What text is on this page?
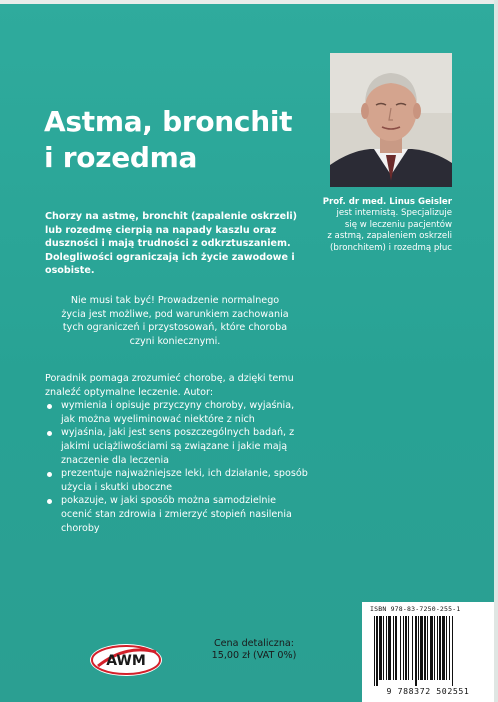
Astma, bronchit
i rozedma
Prof. dr med. Linus Geisler
jest internistą. Specjalizuje
się w leczeniu pacjentów
z astmą, zapaleniem oskrzeli
(bronchitem) i rozedmą płuc
Chorzy na astmę, bronchit (zapalenie oskrzeli) lub rozedmę cierpią na napady kaszlu oraz duszności i mają trudności z odkrztuszaniem. Dolegliwości ograniczają ich życie zawodowe i osobiste.
Nie musi tak być! Prowadzenie normalnego
życia jest możliwe, pod warunkiem zachowania
tych ograniczeń i przystosowań, które choroba
czyni koniecznymi.
Poradnik pomaga zrozumieć chorobę, a dzięki temu znaleźć optymalne leczenie. Autor:
wymienia i opisuje przyczyny choroby, wyjaśnia, jak można wyeliminować niektóre z nich
wyjaśnia, jaki jest sens poszczególnych badań, z jakimi uciążliwościami są związane i jakie mają znaczenie dla leczenia
prezentuje najważniejsze leki, ich działanie, sposób użycia i skutki uboczne
pokazuje, w jaki sposób można samodzielnie ocenić stan zdrowia i zmierzyć stopień nasilenia choroby
AWM
Cena detaliczna:
15,00 zł (VAT 0%)
ISBN 978-83-7250-255-1
9 788372 502551
